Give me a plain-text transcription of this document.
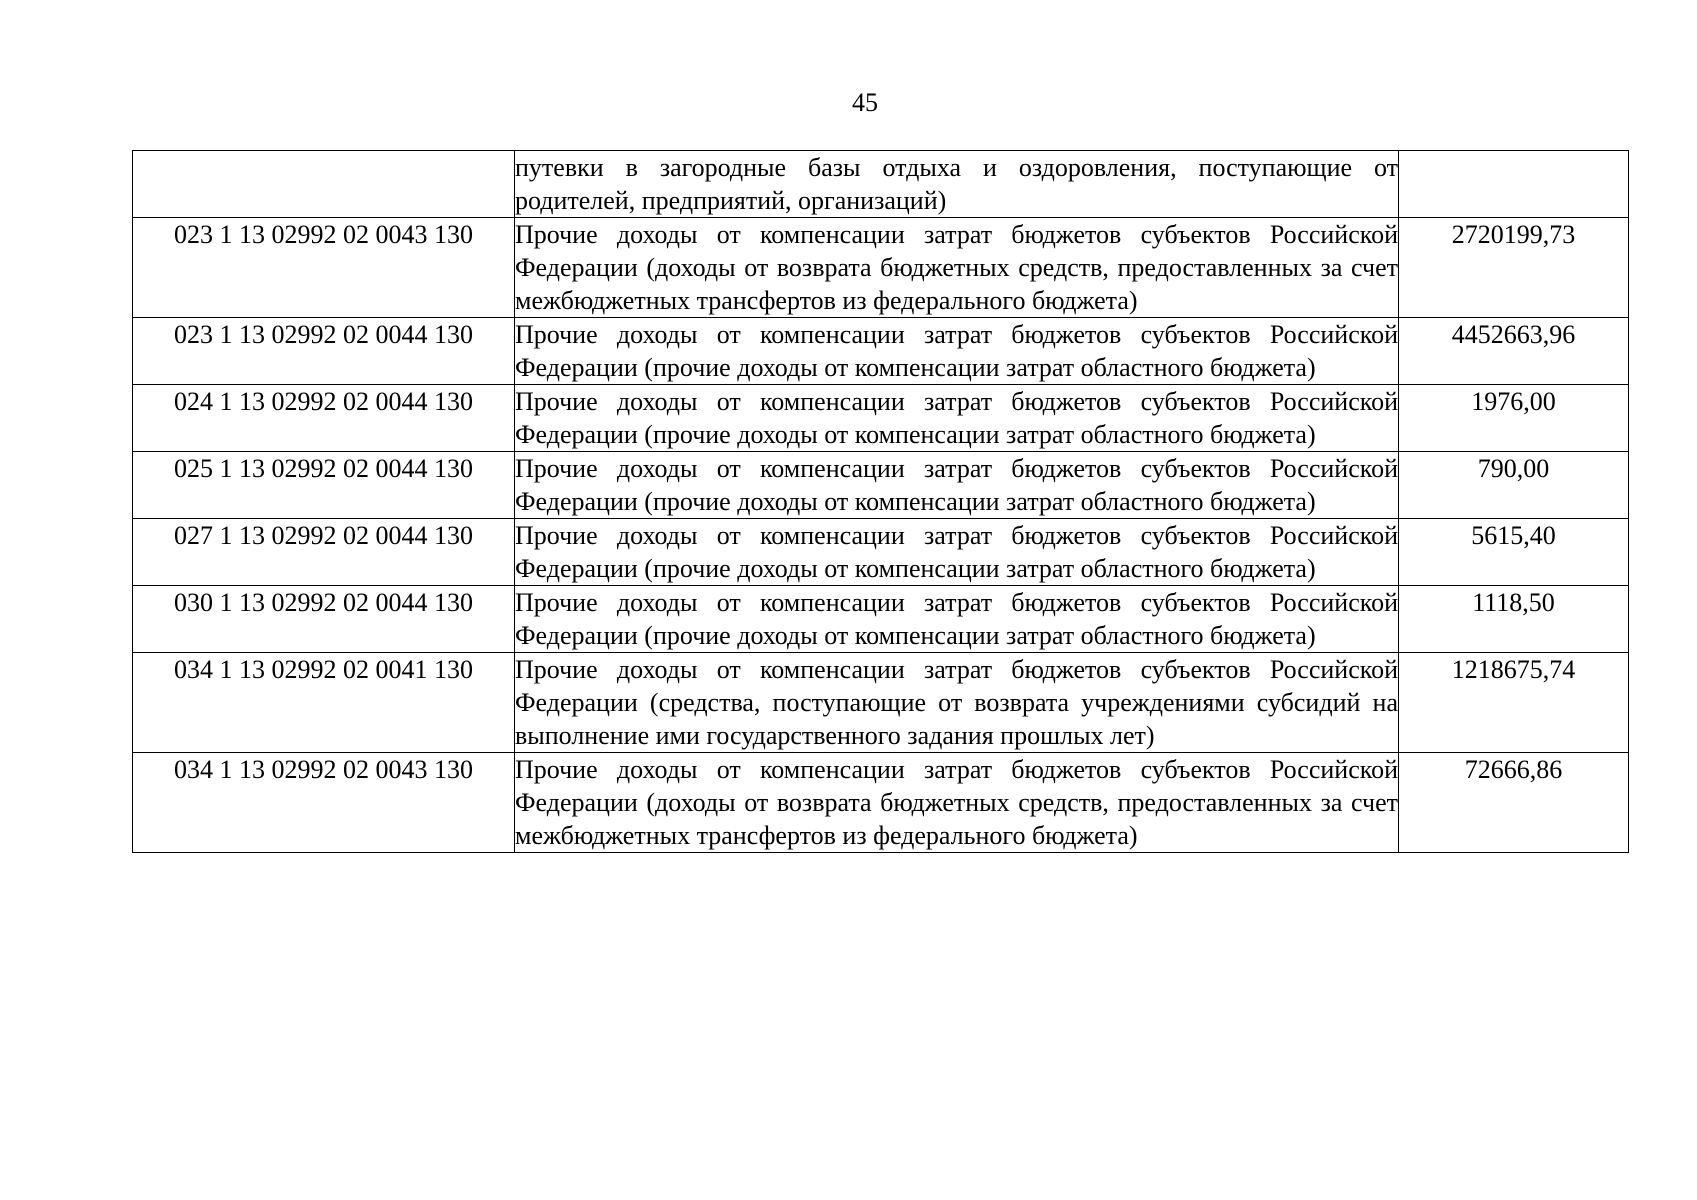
45
	путевки в загородные базы отдыха и оздоровления, поступающие от родителей, предприятий, организаций)	
023 1 13 02992 02 0043 130	Прочие доходы от компенсации затрат бюджетов субъектов Российской Федерации (доходы от возврата бюджетных средств, предоставленных за счет межбюджетных трансфертов из федерального бюджета)	2720199,73
023 1 13 02992 02 0044 130	Прочие доходы от компенсации затрат бюджетов субъектов Российской Федерации (прочие доходы от компенсации затрат областного бюджета)	4452663,96
024 1 13 02992 02 0044 130	Прочие доходы от компенсации затрат бюджетов субъектов Российской Федерации (прочие доходы от компенсации затрат областного бюджета)	1976,00
025 1 13 02992 02 0044 130	Прочие доходы от компенсации затрат бюджетов субъектов Российской Федерации (прочие доходы от компенсации затрат областного бюджета)	790,00
027 1 13 02992 02 0044 130	Прочие доходы от компенсации затрат бюджетов субъектов Российской Федерации (прочие доходы от компенсации затрат областного бюджета)	5615,40
030 1 13 02992 02 0044 130	Прочие доходы от компенсации затрат бюджетов субъектов Российской Федерации (прочие доходы от компенсации затрат областного бюджета)	1118,50
034 1 13 02992 02 0041 130	Прочие доходы от компенсации затрат бюджетов субъектов Российской Федерации (средства, поступающие от возврата учреждениями субсидий на выполнение ими государственного задания прошлых лет)	1218675,74
034 1 13 02992 02 0043 130	Прочие доходы от компенсации затрат бюджетов субъектов Российской Федерации (доходы от возврата бюджетных средств, предоставленных за счет межбюджетных трансфертов из федерального бюджета)	72666,86
